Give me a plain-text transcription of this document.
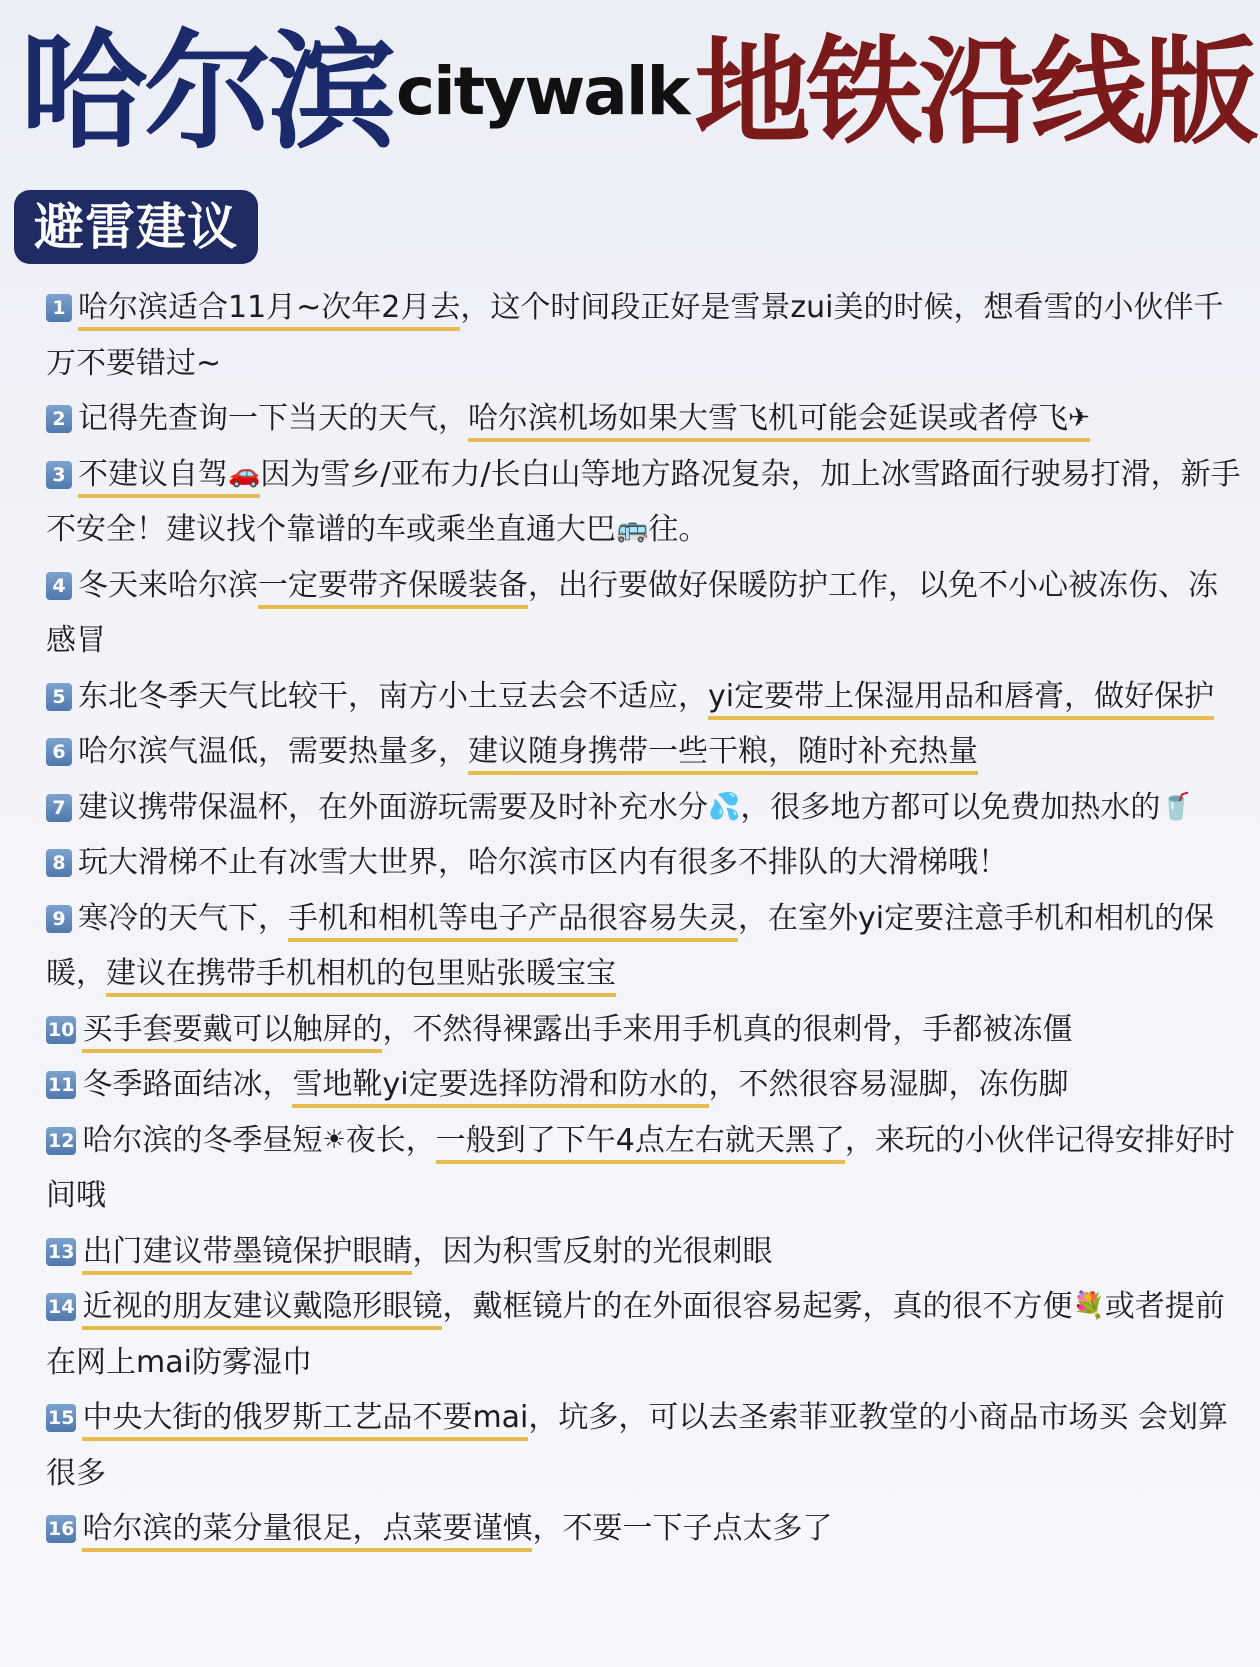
哈尔滨 citywalk 地铁沿线版
避雷建议
1 哈尔滨适合11月~次年2月去，这个时间段正好是雪景zui美的时候，想看雪的小伙伴千万不要错过~
2 记得先查询一下当天的天气，哈尔滨机场如果大雪飞机可能会延误或者停飞✈
3 不建议自驾🚗因为雪乡/亚布力/长白山等地方路况复杂，加上冰雪路面行驶易打滑，新手不安全！建议找个靠谱的车或乘坐直通大巴🚌往。
4 冬天来哈尔滨一定要带齐保暖装备，出行要做好保暖防护工作，以免不小心被冻伤、冻感冒
5 东北冬季天气比较干，南方小土豆去会不适应，yi定要带上保湿用品和唇膏，做好保护
6 哈尔滨气温低，需要热量多，建议随身携带一些干粮，随时补充热量
7 建议携带保温杯，在外面游玩需要及时补充水分💦，很多地方都可以免费加热水的🥤
8 玩大滑梯不止有冰雪大世界，哈尔滨市区内有很多不排队的大滑梯哦！
9 寒冷的天气下，手机和相机等电子产品很容易失灵，在室外yi定要注意手机和相机的保暖，建议在携带手机相机的包里贴张暖宝宝
10 买手套要戴可以触屏的，不然得裸露出手来用手机真的很刺骨，手都被冻僵
11 冬季路面结冰，雪地靴yi定要选择防滑和防水的，不然很容易湿脚，冻伤脚
12 哈尔滨的冬季昼短☀夜长，一般到了下午4点左右就天黑了，来玩的小伙伴记得安排好时间哦
13 出门建议带墨镜保护眼睛，因为积雪反射的光很刺眼
14 近视的朋友建议戴隐形眼镜，戴框镜片的在外面很容易起雾，真的很不方便💐或者提前在网上mai防雾湿巾
15 中央大街的俄罗斯工艺品不要mai，坑多，可以去圣索菲亚教堂的小商品市场买 会划算很多
16 哈尔滨的菜分量很足，点菜要谨慎，不要一下子点太多了
